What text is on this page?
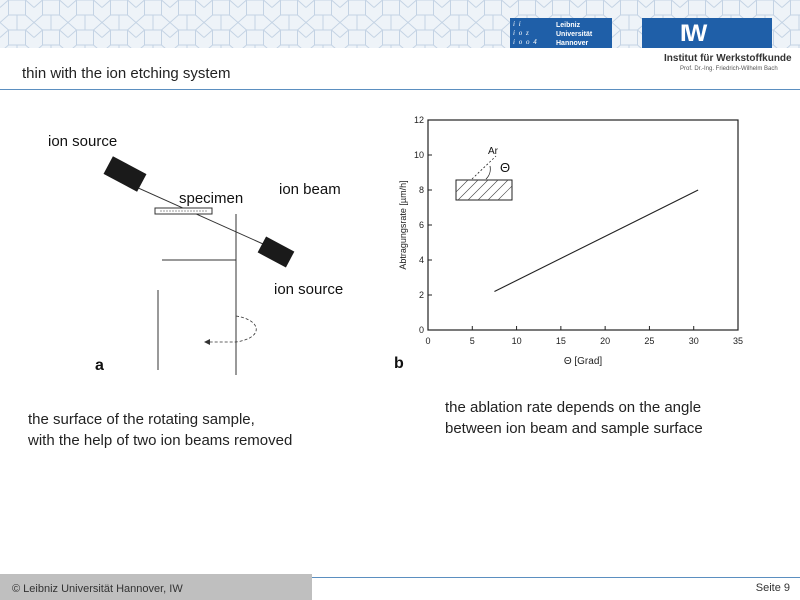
i i
i o z
i o o 4
Leibniz
Universität
Hannover	IW
Institut für Werkstoffkunde
Prof. Dr.-Ing. Friedrich-Wilhelm Bach
thin with the ion etching system
ion source
specimen
ion beam
ion source
a
0	5	10	15	20	25	30	35
0
2
4
6
8
10
12
Θ [Grad]
Abtragungsrate [µm/h]
Ar
Θ
b
the surface of the rotating sample,
with the help of two ion beams removed
the ablation rate depends on the angle
between ion beam and sample surface
© Leibniz Universität Hannover, IW	Seite 9
